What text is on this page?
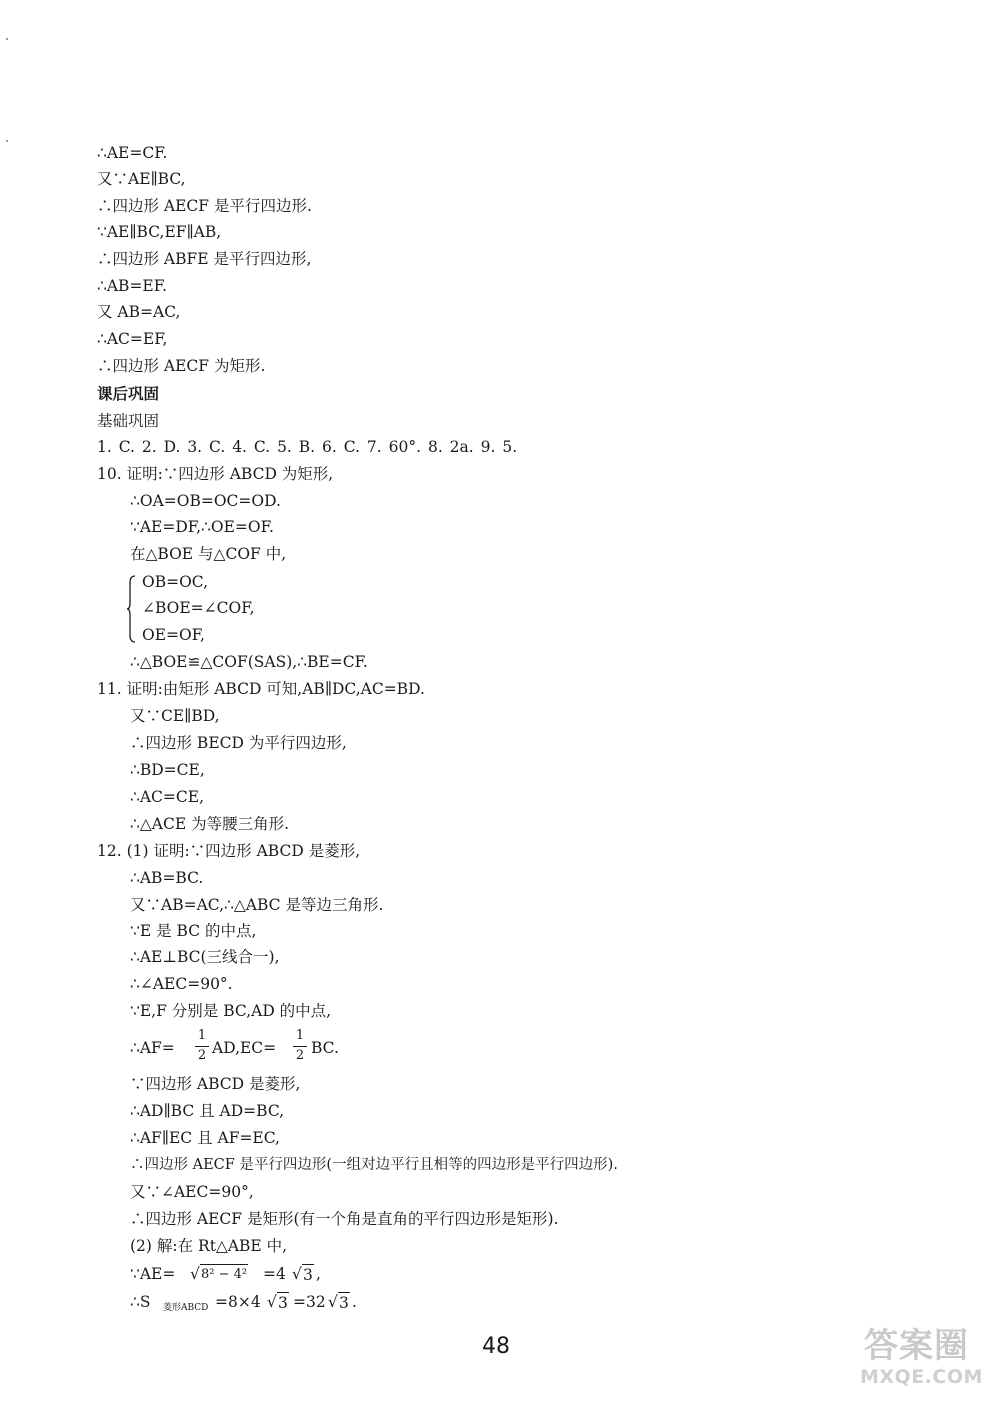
∴AE=CF.
又∵AE∥BC,
∴四边形 AECF 是平行四边形.
∵AE∥BC,EF∥AB,
∴四边形 ABFE 是平行四边形,
∴AB=EF.
又 AB=AC,
∴AC=EF,
∴四边形 AECF 为矩形.
课后巩固
基础巩固
1. C. 2. D. 3. C. 4. C. 5. B. 6. C. 7. 60°. 8. 2a. 9. 5.
10. 证明:∵四边形 ABCD 为矩形,
∴OA=OB=OC=OD.
∵AE=DF,∴OE=OF.
在△BOE 与△COF 中,
OB=OC,
∠BOE=∠COF,
OE=OF,
∴△BOE≌△COF(SAS),∴BE=CF.
11. 证明:由矩形 ABCD 可知,AB∥DC,AC=BD.
又∵CE∥BD,
∴四边形 BECD 为平行四边形,
∴BD=CE,
∴AC=CE,
∴△ACE 为等腰三角形.
12. (1) 证明:∵四边形 ABCD 是菱形,
∴AB=BC.
又∵AB=AC,∴△ABC 是等边三角形.
∵E 是 BC 的中点,
∴AE⊥BC(三线合一),
∴∠AEC=90°.
∵E,F 分别是 BC,AD 的中点,
∴AF=
1
2 AD,EC=
1
2 BC.
∵四边形 ABCD 是菱形,
∴AD∥BC 且 AD=BC,
∴AF∥EC 且 AF=EC,
∴四边形 AECF 是平行四边形(一组对边平行且相等的四边形是平行四边形).
又∵∠AEC=90°,
∴四边形 AECF 是矩形(有一个角是直角的平行四边形是矩形).
(2) 解:在 Rt△ABE 中,
∵AE= √ 8² − 4² =4 √ 3 ,
∴S 菱形ABCD =8×4 √ 3 =32 √ 3 .
48	答案圈
MXQE.COM
